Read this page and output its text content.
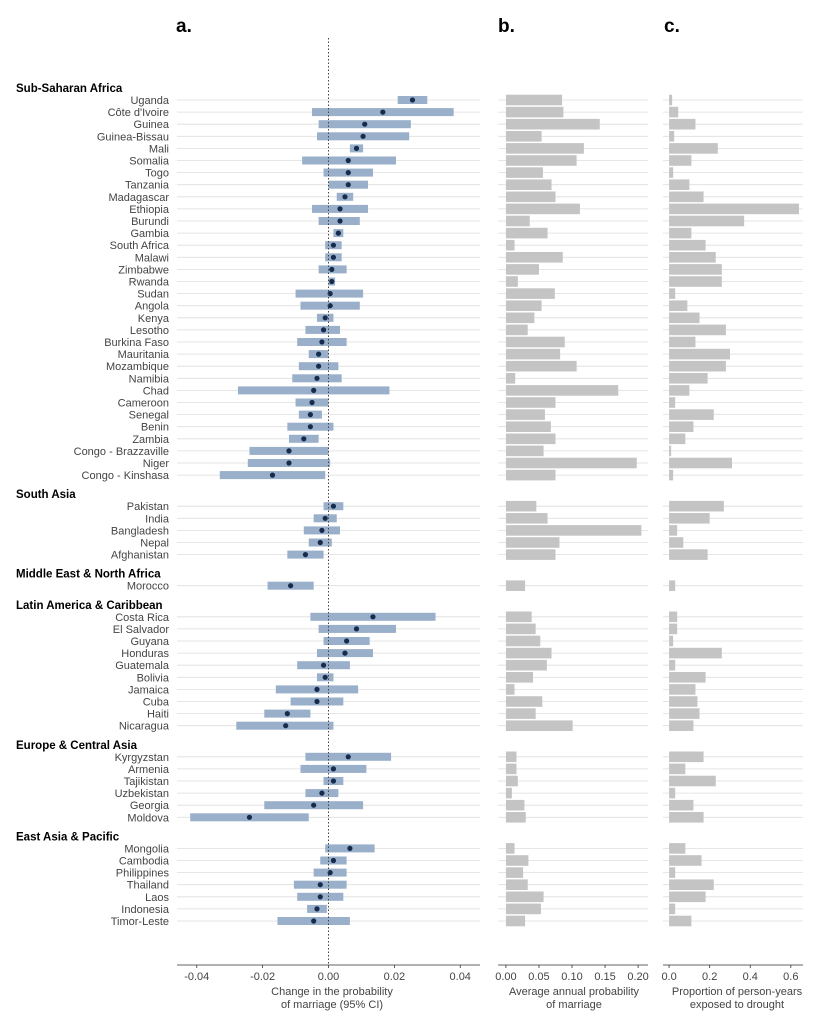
Sub-Saharan Africa
Uganda
Côte d'Ivoire
Guinea
Guinea-Bissau
Mali
Somalia
Togo
Tanzania
Madagascar
Ethiopia
Burundi
Gambia
South Africa
Malawi
Zimbabwe
Rwanda
Sudan
Angola
Kenya
Lesotho
Burkina Faso
Mauritania
Mozambique
Namibia
Chad
Cameroon
Senegal
Benin
Zambia
Congo - Brazzaville
Niger
Congo - Kinshasa
South Asia
Pakistan
India
Bangladesh
Nepal
Afghanistan
Middle East & North Africa
Morocco
Latin America & Caribbean
Costa Rica
El Salvador
Guyana
Honduras
Guatemala
Bolivia
Jamaica
Cuba
Haiti
Nicaragua
Europe & Central Asia
Kyrgyzstan
Armenia
Tajikistan
Uzbekistan
Georgia
Moldova
East Asia & Pacific
Mongolia
Cambodia
Philippines
Thailand
Laos
Indonesia
Timor-Leste
-0.04	-0.02	0.00	0.02	0.04 0.00 0.05 0.10 0.15 0.20 0.0 0.2 0.4 0.6
a.	b.	c.
Change in the probability
of marriage (95% CI)
Average annual probability
of marriage
Proportion of person-years
exposed to drought
